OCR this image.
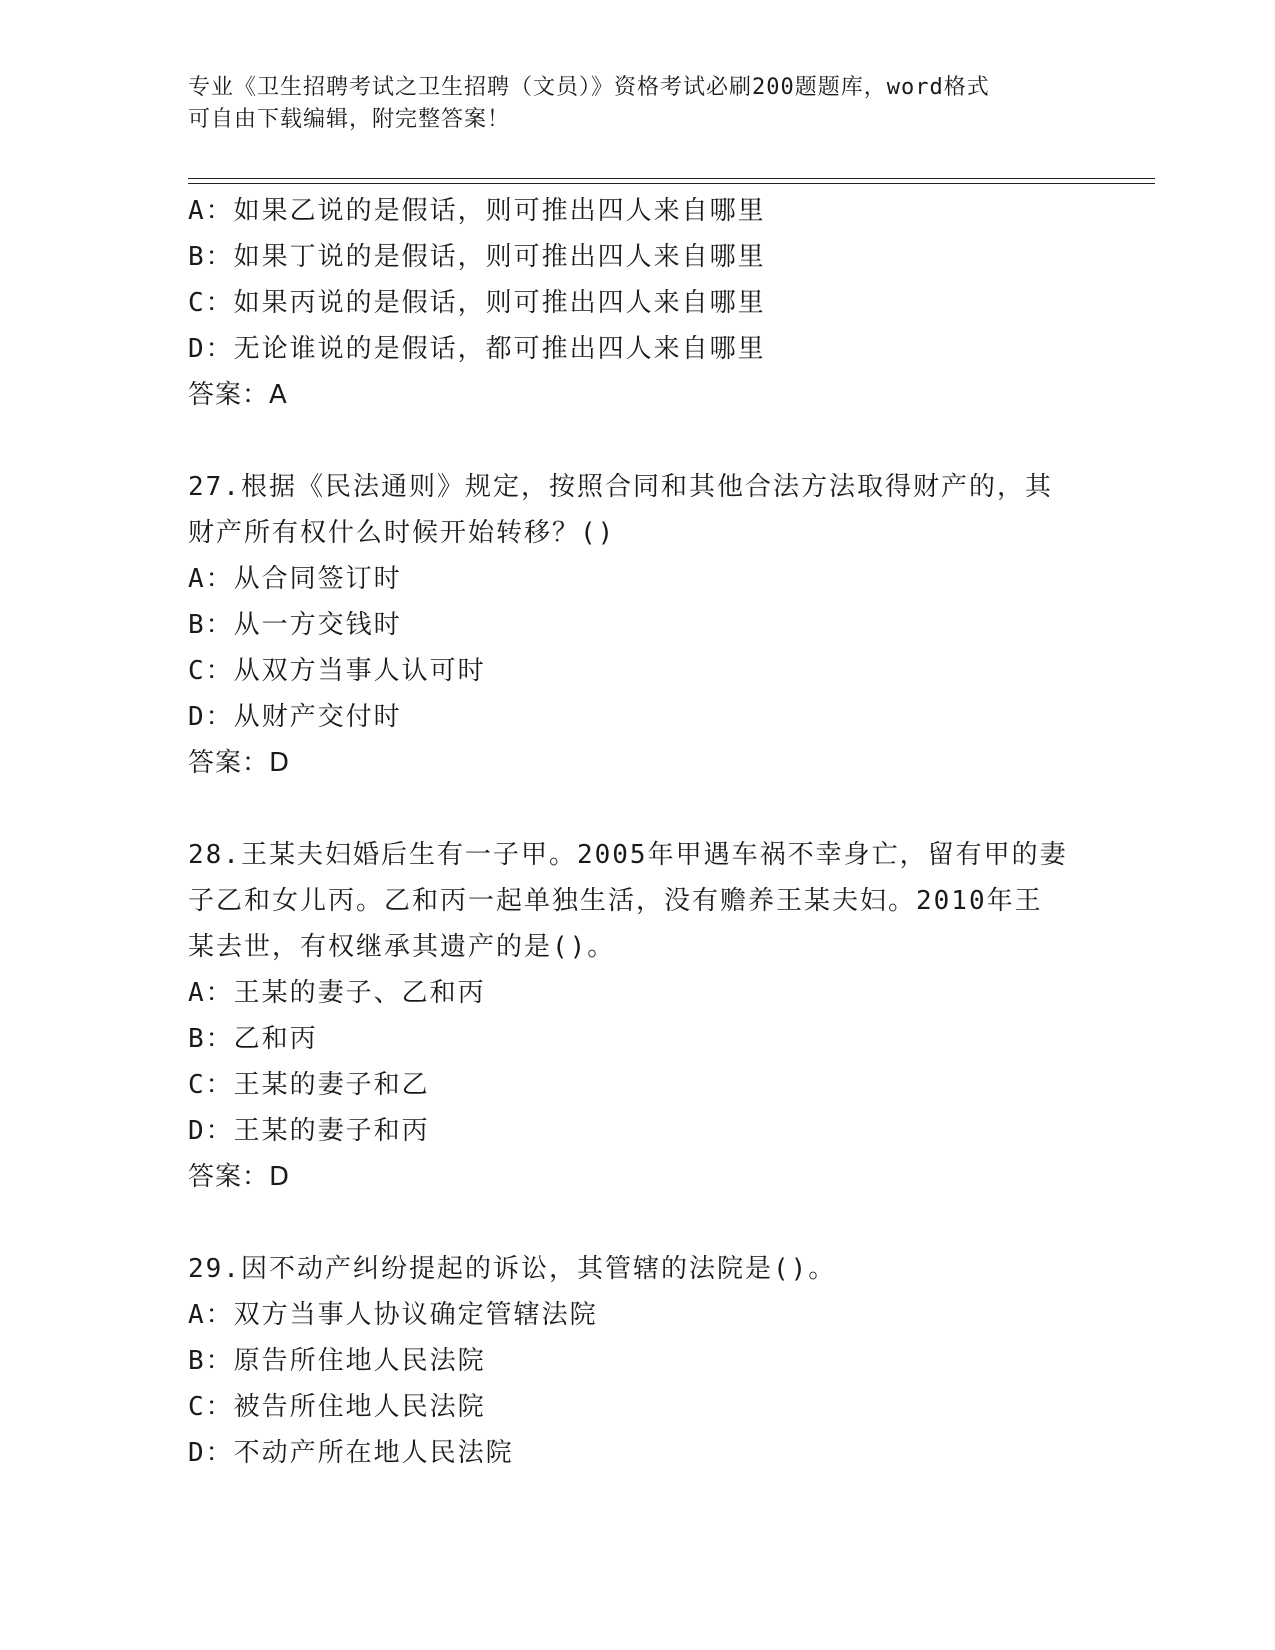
专业《卫生招聘考试之卫生招聘（文员）》资格考试必刷200题题库，word格式
可自由下载编辑，附完整答案！
A：如果乙说的是假话，则可推出四人来自哪里
B：如果丁说的是假话，则可推出四人来自哪里
C：如果丙说的是假话，则可推出四人来自哪里
D：无论谁说的是假话，都可推出四人来自哪里
答案：A
27.根据《民法通则》规定，按照合同和其他合法方法取得财产的，其
财产所有权什么时候开始转移？()
A：从合同签订时
B：从一方交钱时
C：从双方当事人认可时
D：从财产交付时
答案：D
28.王某夫妇婚后生有一子甲。2005年甲遇车祸不幸身亡，留有甲的妻
子乙和女儿丙。乙和丙一起单独生活，没有赡养王某夫妇。2010年王
某去世，有权继承其遗产的是()。
A：王某的妻子、乙和丙
B：乙和丙
C：王某的妻子和乙
D：王某的妻子和丙
答案：D
29.因不动产纠纷提起的诉讼，其管辖的法院是()。
A：双方当事人协议确定管辖法院
B：原告所住地人民法院
C：被告所住地人民法院
D：不动产所在地人民法院
